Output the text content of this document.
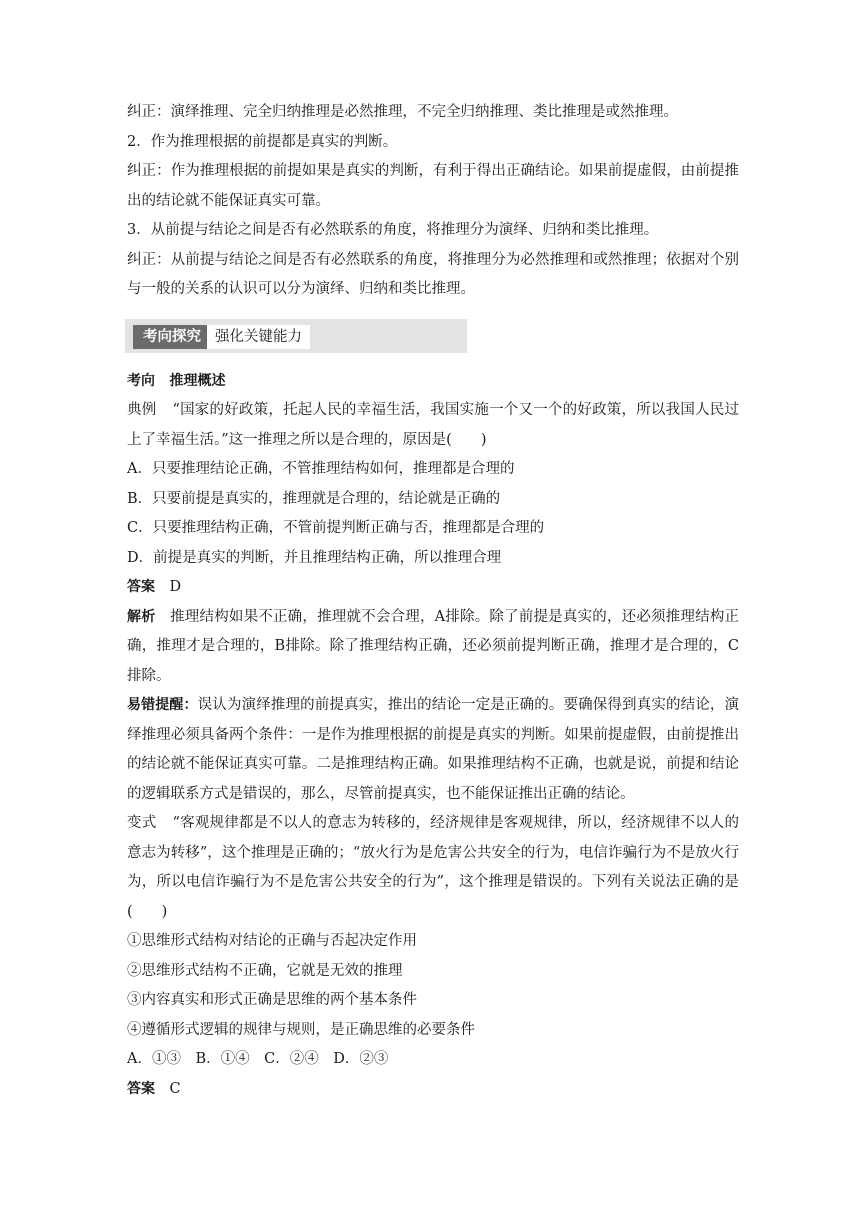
纠正：演绎推理、完全归纳推理是必然推理，不完全归纳推理、类比推理是或然推理。

2．作为推理根据的前提都是真实的判断。

纠正：作为推理根据的前提如果是真实的判断，有利于得出正确结论。如果前提虚假，由前提推出的结论就不能保证真实可靠。

3．从前提与结论之间是否有必然联系的角度，将推理分为演绎、归纳和类比推理。

纠正：从前提与结论之间是否有必然联系的角度，将推理分为必然推理和或然推理；依据对个别与一般的关系的认识可以分为演绎、归纳和类比推理。

考向探究 强化关键能力

考向　 推理概述

典例 “国家的好政策，托起人民的幸福生活，我国实施一个又一个的好政策，所以我国人民过上了幸福生活。”这一推理之所以是合理的，原因是(　　)

A．只要推理结论正确，不管推理结构如何，推理都是合理的

B．只要前提是真实的，推理就是合理的，结论就是正确的

C．只要推理结构正确，不管前提判断正确与否，推理都是合理的

D．前提是真实的判断，并且推理结构正确，所以推理合理

答案　 D

解析　 推理结构如果不正确，推理就不会合理，A排除。除了前提是真实的，还必须推理结构正确，推理才是合理的，B排除。除了推理结构正确，还必须前提判断正确，推理才是合理的，C排除。

易错提醒：误认为演绎推理的前提真实，推出的结论一定是正确的。要确保得到真实的结论，演绎推理必须具备两个条件：一是作为推理根据的前提是真实的判断。如果前提虚假，由前提推出的结论就不能保证真实可靠。二是推理结构正确。如果推理结构不正确，也就是说，前提和结论的逻辑联系方式是错误的，那么，尽管前提真实，也不能保证推出正确的结论。

变式 “客观规律都是不以人的意志为转移的，经济规律是客观规律，所以，经济规律不以人的意志为转移”，这个推理是正确的；“放火行为是危害公共安全的行为，电信诈骗行为不是放火行为，所以电信诈骗行为不是危害公共安全的行为”，这个推理是错误的。下列有关说法正确的是(　　)

①思维形式结构对结论的正确与否起决定作用

②思维形式结构不正确，它就是无效的推理

③内容真实和形式正确是思维的两个基本条件

④遵循形式逻辑的规律与规则，是正确思维的必要条件

A．①③　B．①④　C．②④　D．②③

答案　 C
